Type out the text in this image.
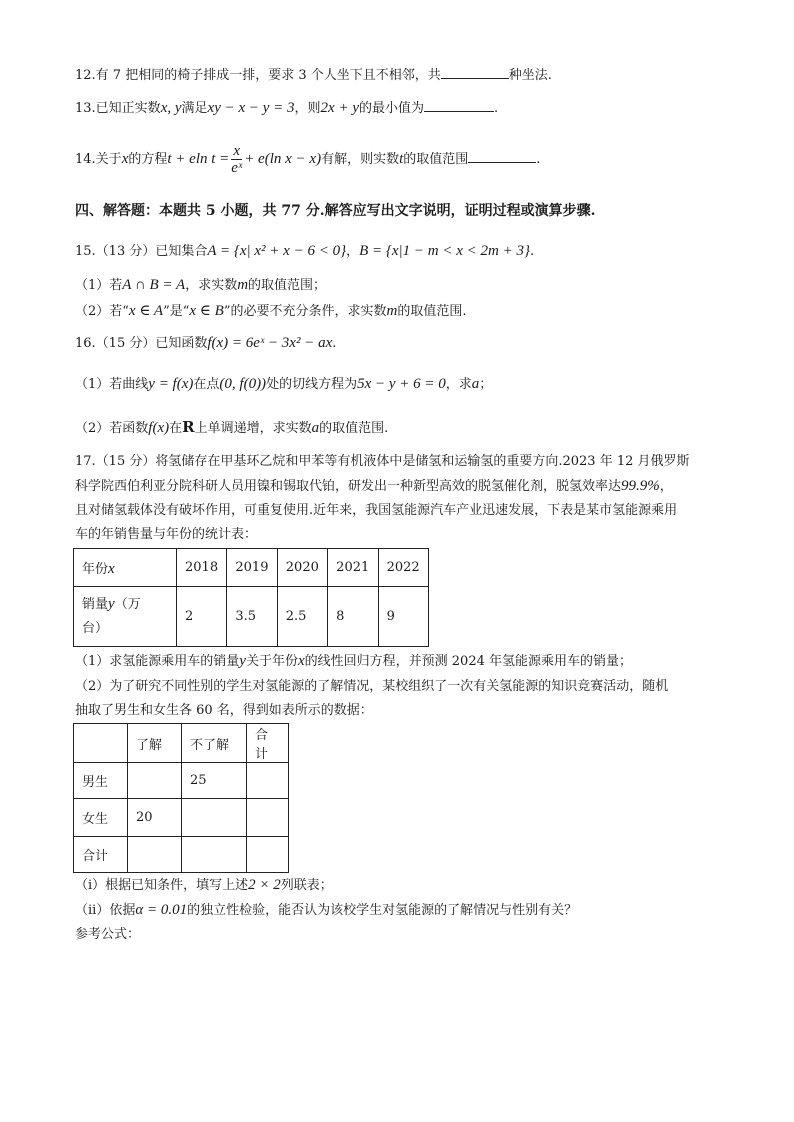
12.有 7 把相同的椅子排成一排，要求 3 个人坐下且不相邻，共	种坐法.
13.已知正实数x, y满足xy − x − y = 3，则2x + y的最小值为	.
14.关于x的方程t + eln $t = \frac{x}{\text{eˣ}} + e(\ln$ x − x)有解，则实数t的取值范围	.
四、解答题：本题共 5 小题，共 77 分.解答应写出文字说明，证明过程或演算步骤.
15.（13 分）已知集合A = {x| x² + x − 6 < 0}，B = {x|1 − m < x < 2m + 3}.
（1）若A ∩ B = A，求实数m的取值范围；
（2）若“x ∈ A”是“x ∈ B”的必要不充分条件，求实数m的取值范围.
16.（15 分）已知函数f(x) = 6eˣ − 3x² − ax.
（1）若曲线y = f(x)在点(0, f(0))处的切线方程为5x − y + 6 = 0，求a；
（2）若函数f(x)在R上单调递增，求实数a的取值范围.
17.（15 分）将氢储存在甲基环乙烷和甲苯等有机液体中是储氢和运输氢的重要方向.2023 年 12 月俄罗斯
科学院西伯利亚分院科研人员用镍和锡取代铂，研发出一种新型高效的脱氢催化剂，脱氢效率达99.9%，
且对储氢载体没有破坏作用，可重复使用.近年来，我国氢能源汽车产业迅速发展，下表是某市氢能源乘用
车的年销售量与年份的统计表：
年份x	2018	2019	2020	2021	2022
销量y（万
台）	2	3.5	2.5	8	9
（1）求氢能源乘用车的销量y关于年份x的线性回归方程，并预测 2024 年氢能源乘用车的销量；
（2）为了研究不同性别的学生对氢能源的了解情况，某校组织了一次有关氢能源的知识竞赛活动，随机
抽取了男生和女生各 60 名，得到如表所示的数据：
	了解	不了解	合计
男生		25	
女生	20		
合计			
（i）根据已知条件，填写上述2 × 2列联表；
（ii）依据α = 0.01的独立性检验，能否认为该校学生对氢能源的了解情况与性别有关？
参考公式：
